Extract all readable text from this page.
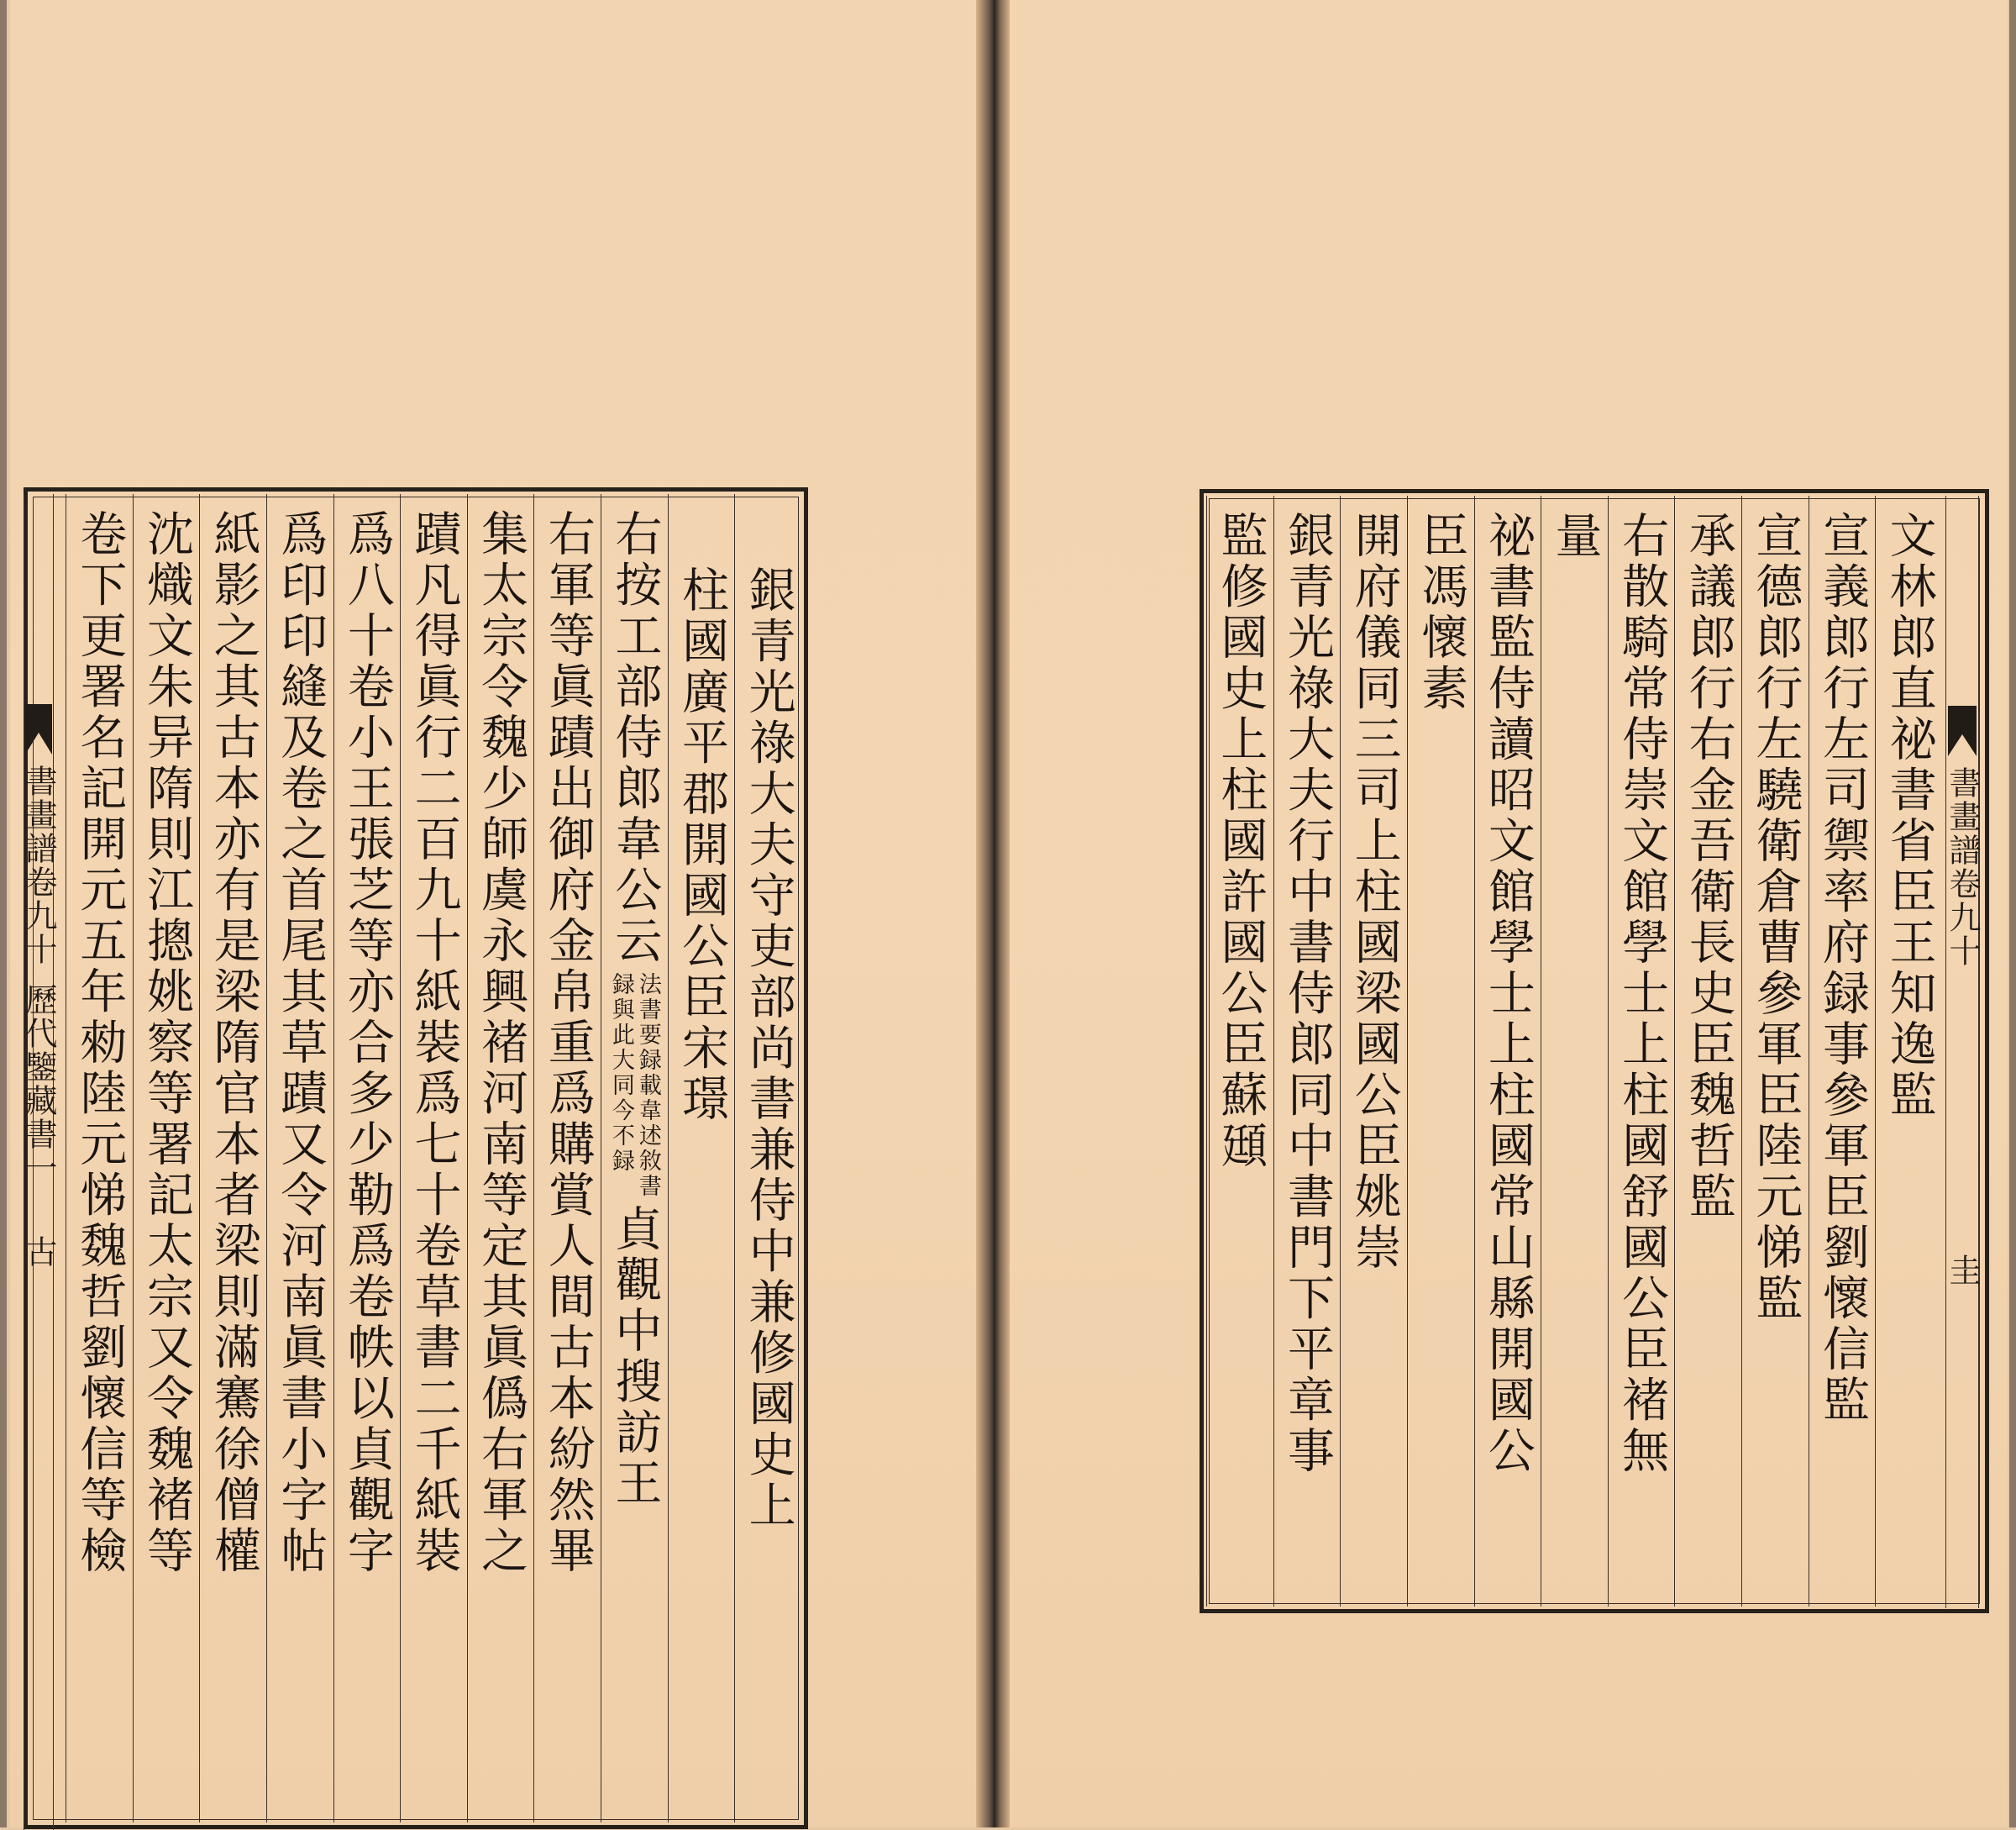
書畫譜卷九十
歷代鑒藏書一
古	銀青光祿大夫守吏部尚書兼侍中兼修國史上
柱國廣平郡開國公臣宋璟
右按工部侍郎韋公云
法書要録載韋述敘書
録與此大同今不録
貞觀中搜訪王
右軍等眞蹟出御府金帛重爲購賞人間古本紛然畢
集太宗令魏少師虞永興褚河南等定其眞僞右軍之
蹟凡得眞行二百九十紙裝爲七十卷草書二千紙裝
爲八十卷小王張芝等亦合多少勒爲卷帙以貞觀字
爲印印縫及卷之首尾其草蹟又令河南眞書小字帖
紙影之其古本亦有是梁隋官本者梁則滿騫徐僧權
沈熾文朱异隋則江摠姚察等署記太宗又令魏褚等
卷下更署名記開元五年勑陸元悌魏哲劉懷信等檢	書畫譜卷九十
圭
文林郎直祕書省臣王知逸監
宣義郎行左司禦率府録事參軍臣劉懷信監
宣德郎行左驍衛倉曹參軍臣陸元悌監
承議郎行右金吾衛長史臣魏哲監
右散騎常侍崇文館學士上柱國舒國公臣褚無
量
祕書監侍讀昭文館學士上柱國常山縣開國公
臣馮懷素
開府儀同三司上柱國梁國公臣姚崇
銀青光祿大夫行中書侍郎同中書門下平章事
監修國史上柱國許國公臣蘇頲
